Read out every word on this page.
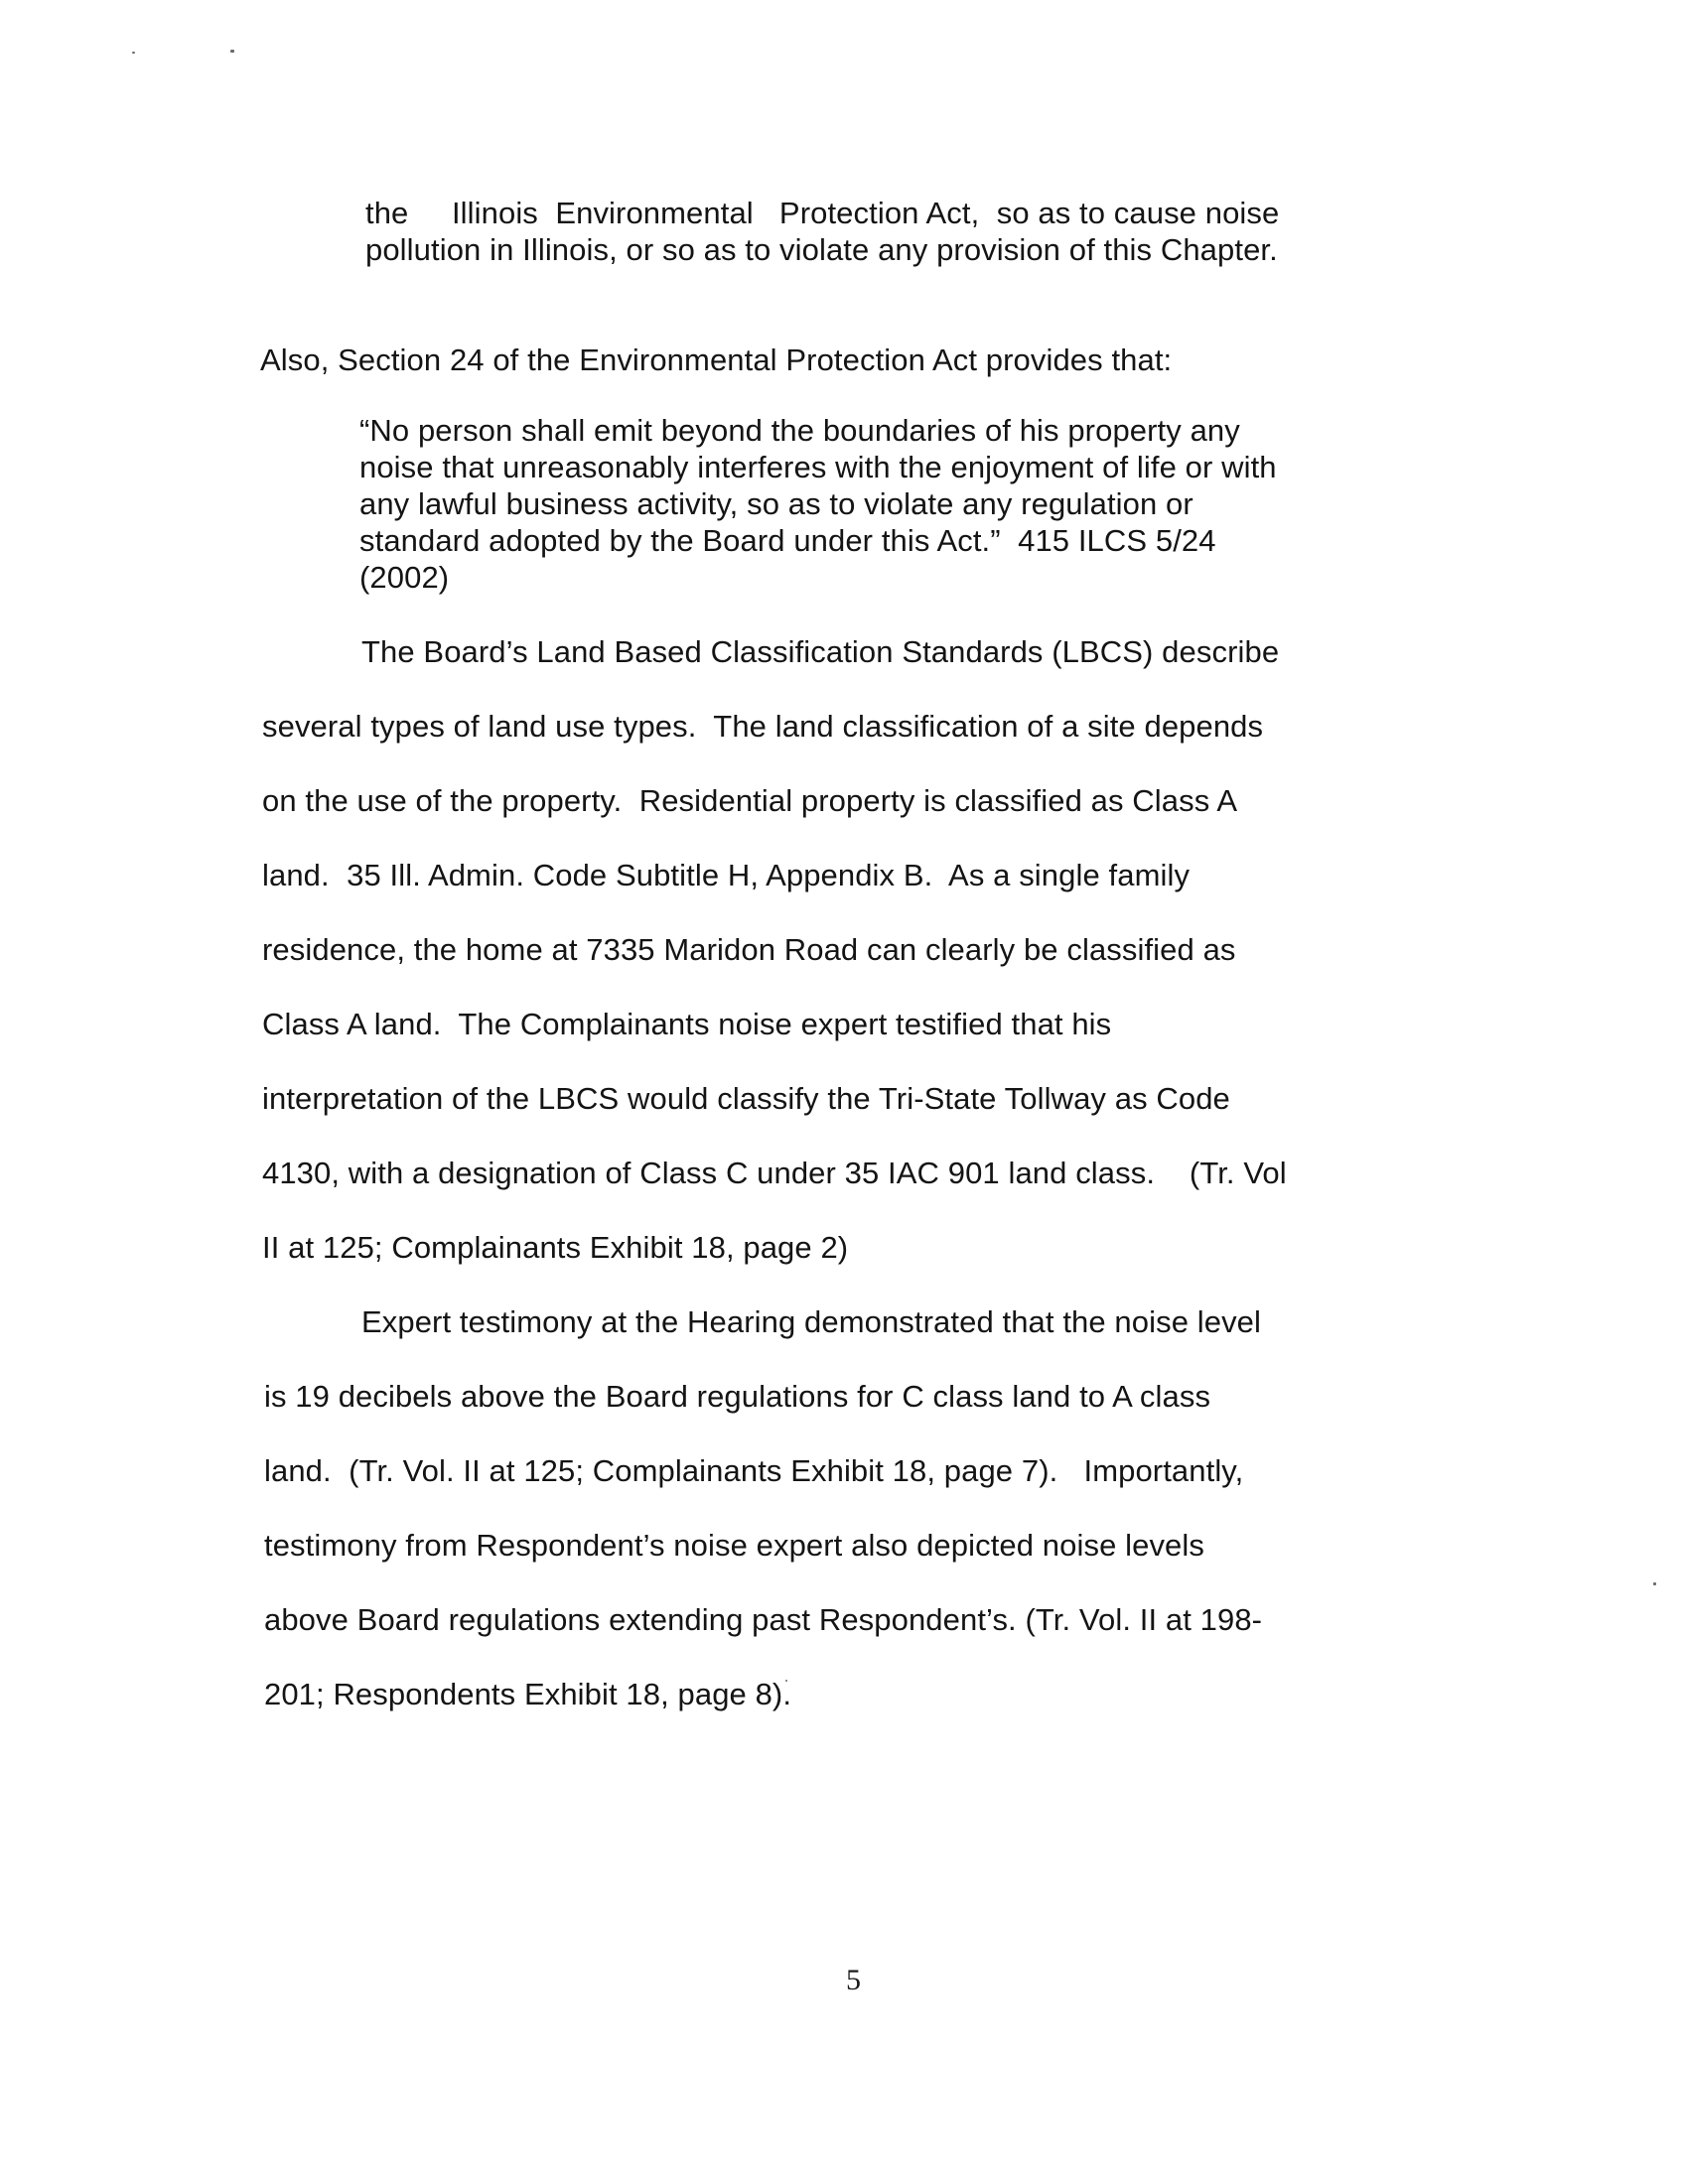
the     Illinois  Environmental   Protection Act,  so as to cause noise
pollution in Illinois, or so as to violate any provision of this Chapter.
Also, Section 24 of the Environmental Protection Act provides that:
“No person shall emit beyond the boundaries of his property any
noise that unreasonably interferes with the enjoyment of life or with
any lawful business activity, so as to violate any regulation or
standard adopted by the Board under this Act.”  415 ILCS 5/24
(2002)
The Board’s Land Based Classification Standards (LBCS) describe
several types of land use types.  The land classification of a site depends
on the use of the property.  Residential property is classified as Class A
land.  35 Ill. Admin. Code Subtitle H, Appendix B.  As a single family
residence, the home at 7335 Maridon Road can clearly be classified as
Class A land.  The Complainants noise expert testified that his
interpretation of the LBCS would classify the Tri-State Tollway as Code
4130, with a designation of Class C under 35 IAC 901 land class.    (Tr. Vol
II at 125; Complainants Exhibit 18, page 2)
Expert testimony at the Hearing demonstrated that the noise level
is 19 decibels above the Board regulations for C class land to A class
land.  (Tr. Vol. II at 125; Complainants Exhibit 18, page 7).   Importantly,
testimony from Respondent’s noise expert also depicted noise levels
above Board regulations extending past Respondent’s. (Tr. Vol. II at 198-
201; Respondents Exhibit 18, page 8).
5
